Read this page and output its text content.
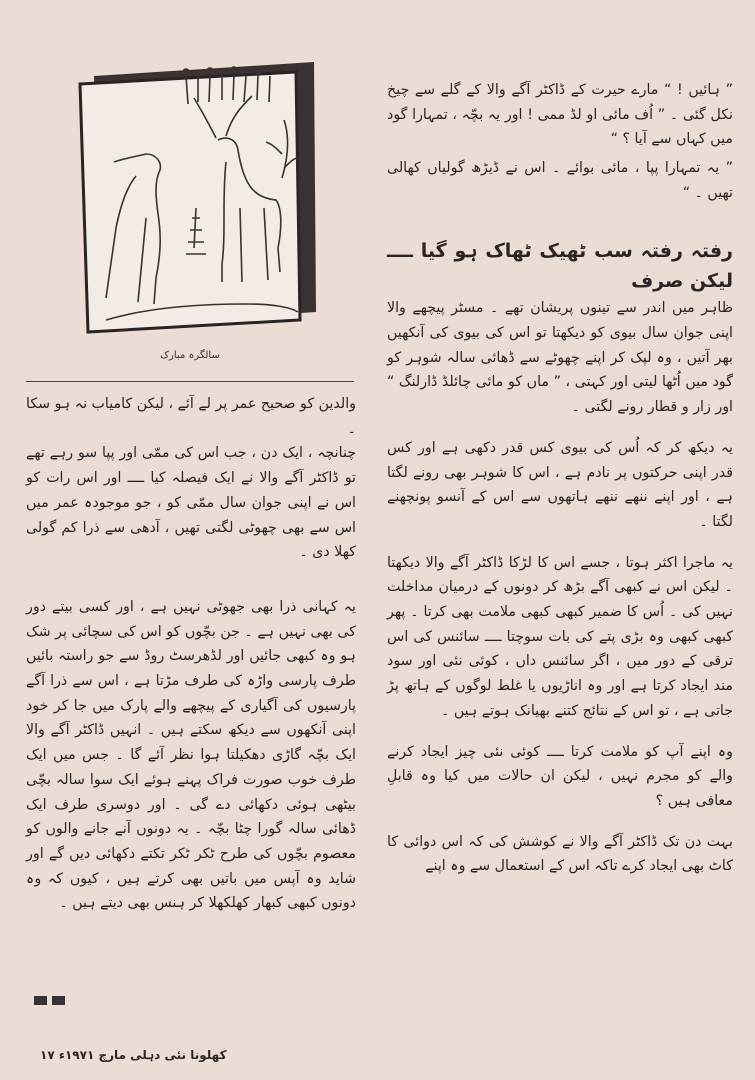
سالگرہ مبارک

” ہائیں ! “ مارے حیرت کے ڈاکٹر آگے والا کے گلے سے چیخ نکل گئی ۔ ” اُف مائی او لڈ ممی ! اور یہ بچّہ ، تمہارا گود میں کہاں سے آیا ؟ “

” یہ تمہارا پپا ، مائی بوائے ۔ اس نے ڈیڑھ گولیاں کھالی تھیں ۔ “

رفتہ رفتہ سب ٹھیک ٹھاک ہو گیا ــــ لیکن صرف

ظاہر میں اندر سے تینوں پریشان تھے ۔ مسٹر پیچھے والا اپنی جوان سال بیوی کو دیکھتا تو اس کی بیوی کی آنکھیں بھر آتیں ، وہ لپک کر اپنے چھوٹے سے ڈھائی سالہ شوہر کو گود میں اُٹھا لیتی اور کہتی ، ” ماں کو مائی چائلڈ ڈارلنگ “ اور زار و قطار رونے لگتی ۔

یہ دیکھ کر کہ اُس کی بیوی کس قدر دکھی ہے اور کس قدر اپنی حرکتوں پر نادم ہے ، اس کا شوہر بھی رونے لگتا ہے ، اور اپنے ننھے ننھے ہاتھوں سے اس کے آنسو پونچھنے لگتا ۔

یہ ماجرا اکثر ہوتا ، جسے اس کا لڑکا ڈاکٹر آگے والا دیکھتا ۔ لیکن اس نے کبھی آگے بڑھ کر دونوں کے درمیان مداخلت نہیں کی ۔ اُس کا ضمیر کبھی کبھی ملامت بھی کرتا ۔ پھر کبھی کبھی وہ بڑی پتے کی بات سوچتا ــــ سائنس کی اس ترقی کے دور میں ، اگر سائنس داں ، کوئی نئی اور سود مند ایجاد کرتا ہے اور وہ اناڑیوں یا غلط لوگوں کے ہاتھ پڑ جاتی ہے ، تو اس کے نتائج کتنے بھیانک ہوتے ہیں ۔

وہ اپنے آپ کو ملامت کرتا ــــ کوئی نئی چیز ایجاد کرنے والے کو مجرم نہیں ، لیکن ان حالات میں کیا وہ قابلِ معافی ہیں ؟

بہت دن تک ڈاکٹر آگے والا نے کوشش کی کہ اس دوائی کا کاٹ بھی ایجاد کرے تاکہ اس کے استعمال سے وہ اپنے

والدین کو صحیح عمر پر لے آئے ، لیکن کامیاب نہ ہو سکا ۔

چنانچہ ، ایک دن ، جب اس کی ممّی اور پپا سو رہے تھے تو ڈاکٹر آگے والا نے ایک فیصلہ کیا ــــ اور اس رات کو اس نے اپنی جوان سال ممّی کو ، جو موجودہ عمر میں اس سے بھی چھوٹی لگتی تھیں ، آدھی سے ذرا کم گولی کھلا دی ۔

یہ کہانی ذرا بھی جھوٹی نہیں ہے ، اور کسی بیتے دور کی بھی نہیں ہے ۔ جن بچّوں کو اس کی سچائی پر شک ہو وہ کبھی جائیں اور لڈھرسٹ روڈ سے جو راستہ بائیں طرف پارسی واڑہ کی طرف مڑتا ہے ، اس سے ذرا آگے پارسیوں کی آگیاری کے پیچھے والے پارک میں جا کر خود اپنی آنکھوں سے دیکھ سکتے ہیں ۔ انہیں ڈاکٹر آگے والا ایک بچّہ گاڑی دھکیلتا ہوا نظر آئے گا ۔ جس میں ایک طرف خوب صورت فراک پہنے ہوئے ایک سوا سالہ بچّی بیٹھی ہوئی دکھائی دے گی ۔ اور دوسری طرف ایک ڈھائی سالہ گورا چٹا بچّہ ۔ یہ دونوں آنے جانے والوں کو معصوم بچّوں کی طرح ٹکر ٹکر تکتے دکھائی دیں گے اور شاید وہ آپس میں باتیں بھی کرتے ہیں ، کیوں کہ وہ دونوں کبھی کبھار کھلکھلا کر ہنس بھی دیتے ہیں ۔

کھلونا نئی دہلی مارچ ۱۹۷۱ء ۱۷
